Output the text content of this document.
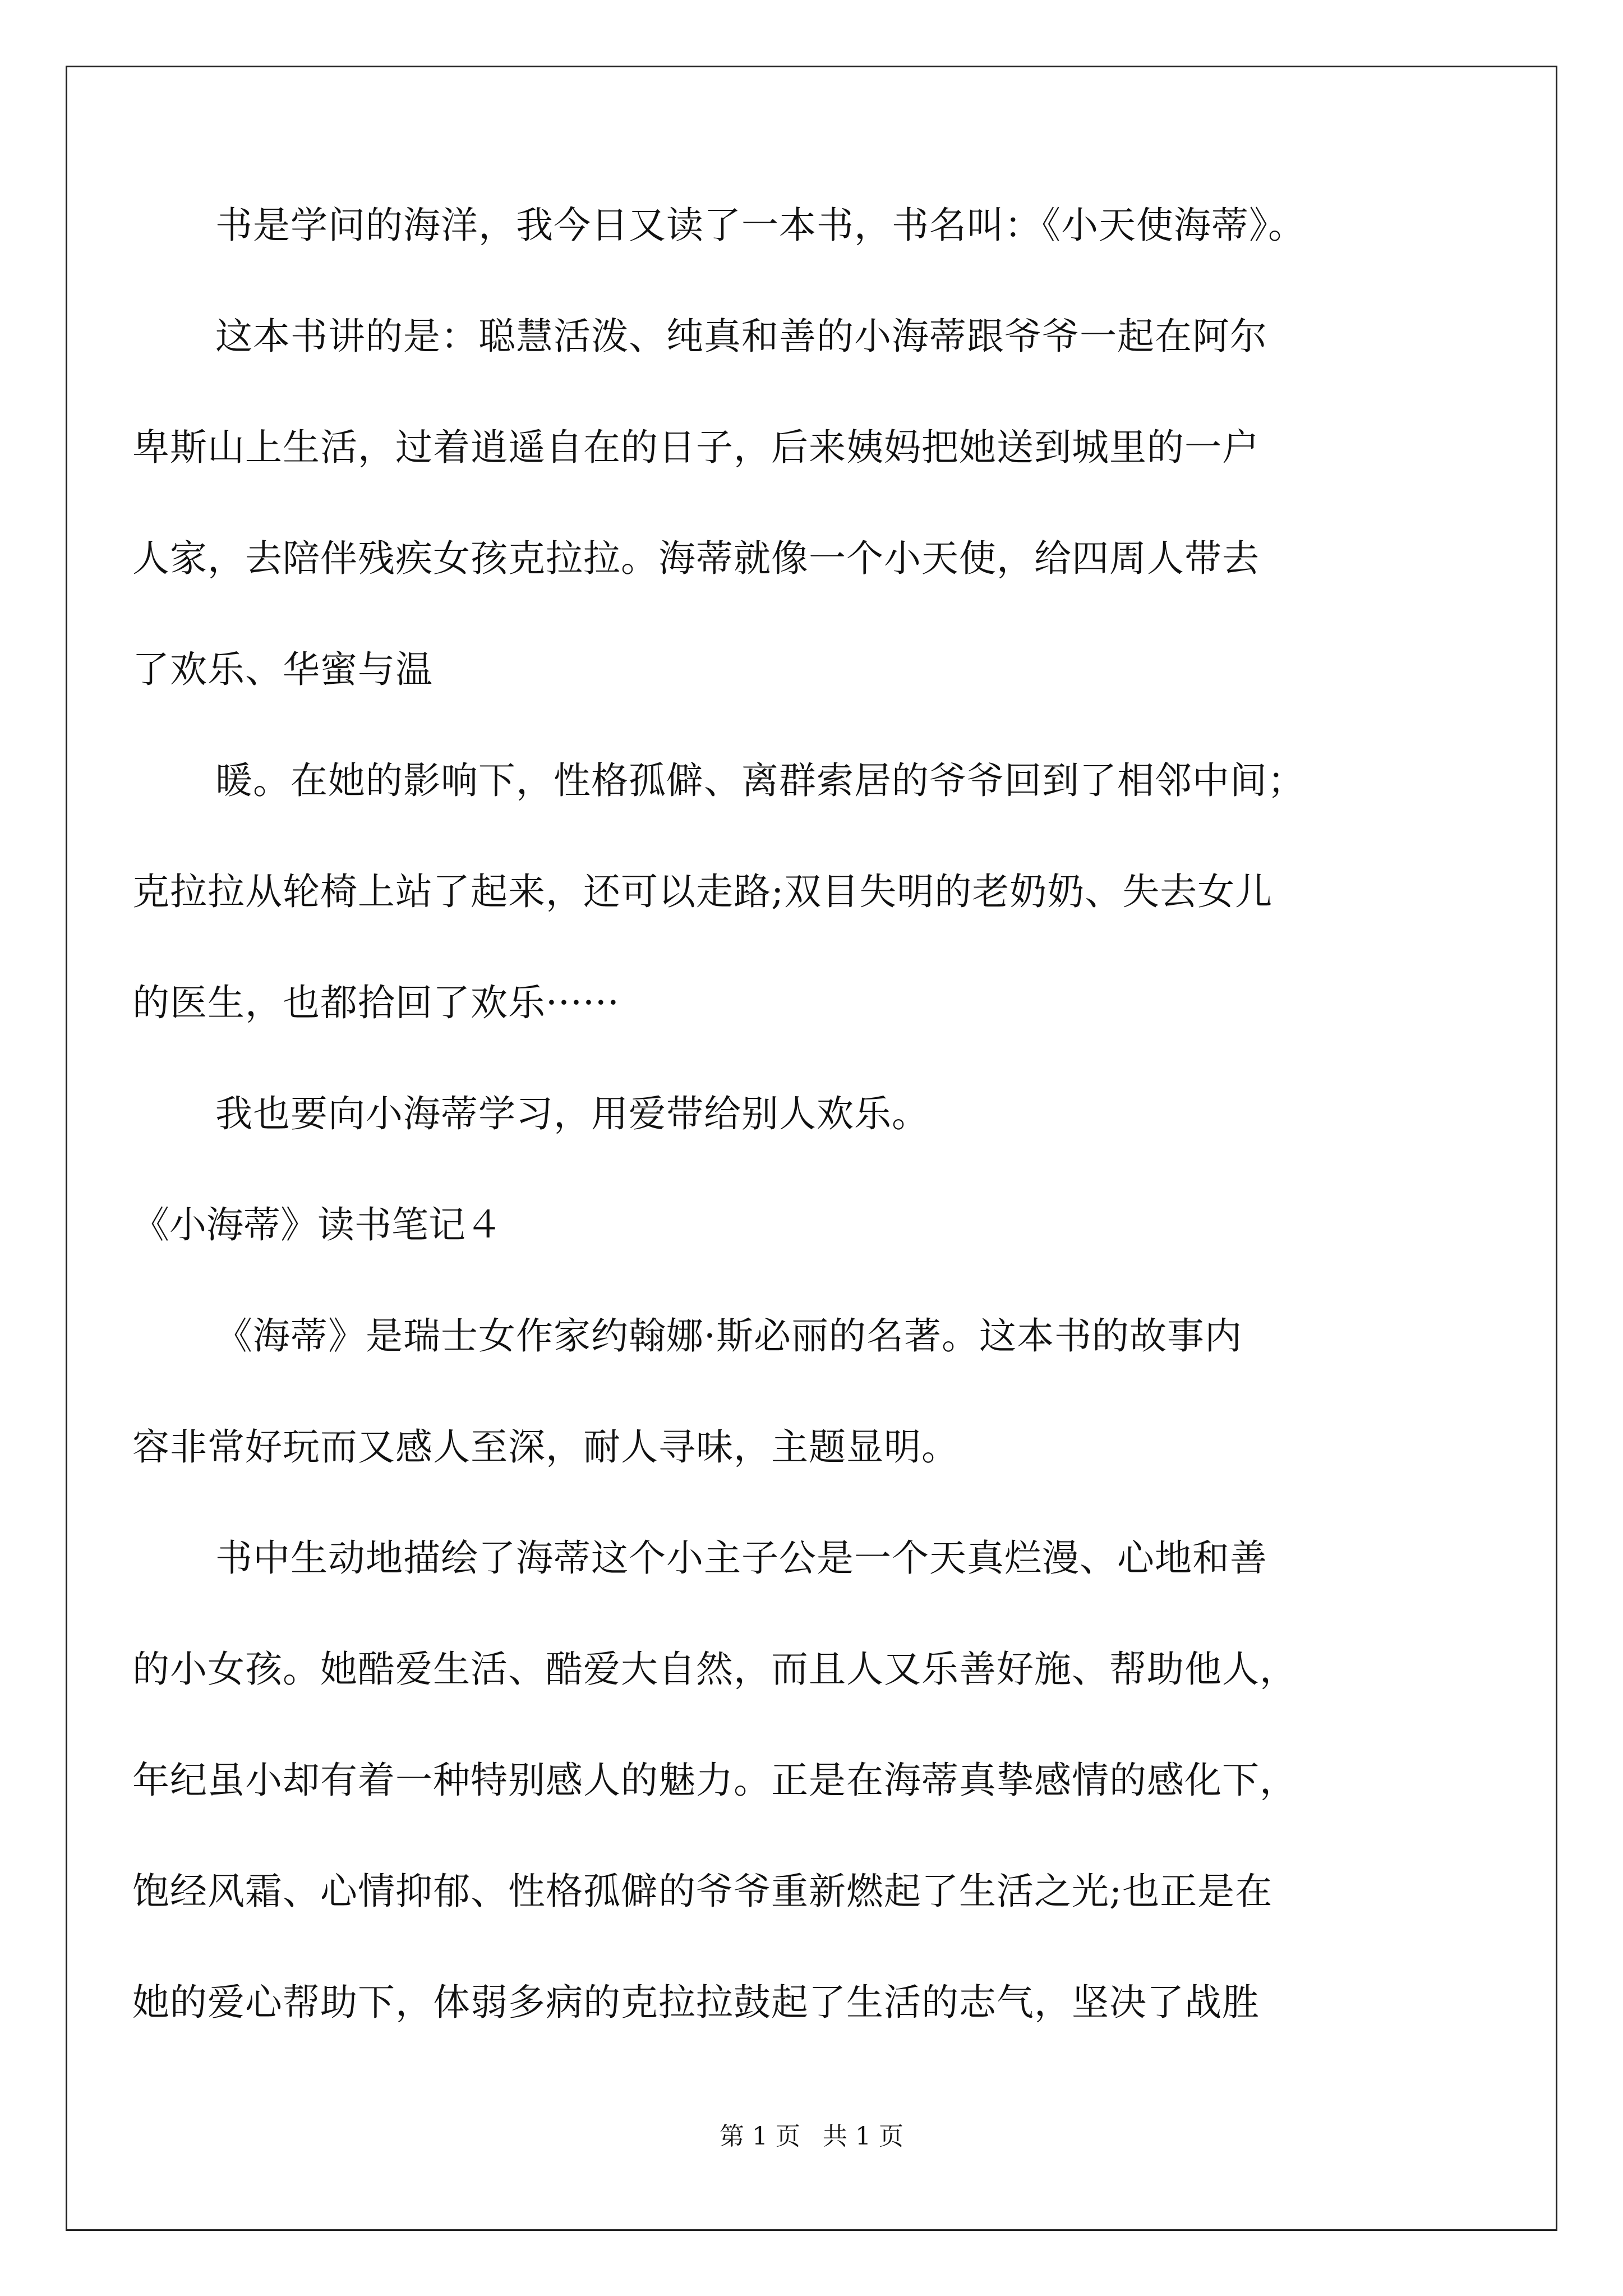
书是学问的海洋，我今日又读了一本书，书名叫：《小天使海蒂》。
这本书讲的是：聪慧活泼、纯真和善的小海蒂跟爷爷一起在阿尔
卑斯山上生活，过着逍遥自在的日子，后来姨妈把她送到城里的一户
人家，去陪伴残疾女孩克拉拉。海蒂就像一个小天使，给四周人带去
了欢乐、华蜜与温
暖。在她的影响下，性格孤僻、离群索居的爷爷回到了相邻中间；
克拉拉从轮椅上站了起来，还可以走路;双目失明的老奶奶、失去女儿
的医生，也都拾回了欢乐······
我也要向小海蒂学习，用爱带给别人欢乐。
《小海蒂》读书笔记４
《海蒂》是瑞士女作家约翰娜·斯必丽的名著。这本书的故事内
容非常好玩而又感人至深，耐人寻味，主题显明。
书中生动地描绘了海蒂这个小主子公是一个天真烂漫、心地和善
的小女孩。她酷爱生活、酷爱大自然，而且人又乐善好施、帮助他人，
年纪虽小却有着一种特别感人的魅力。正是在海蒂真挚感情的感化下，
饱经风霜、心情抑郁、性格孤僻的爷爷重新燃起了生活之光;也正是在
她的爱心帮助下，体弱多病的克拉拉鼓起了生活的志气，坚决了战胜
第 1 页 共 1 页
